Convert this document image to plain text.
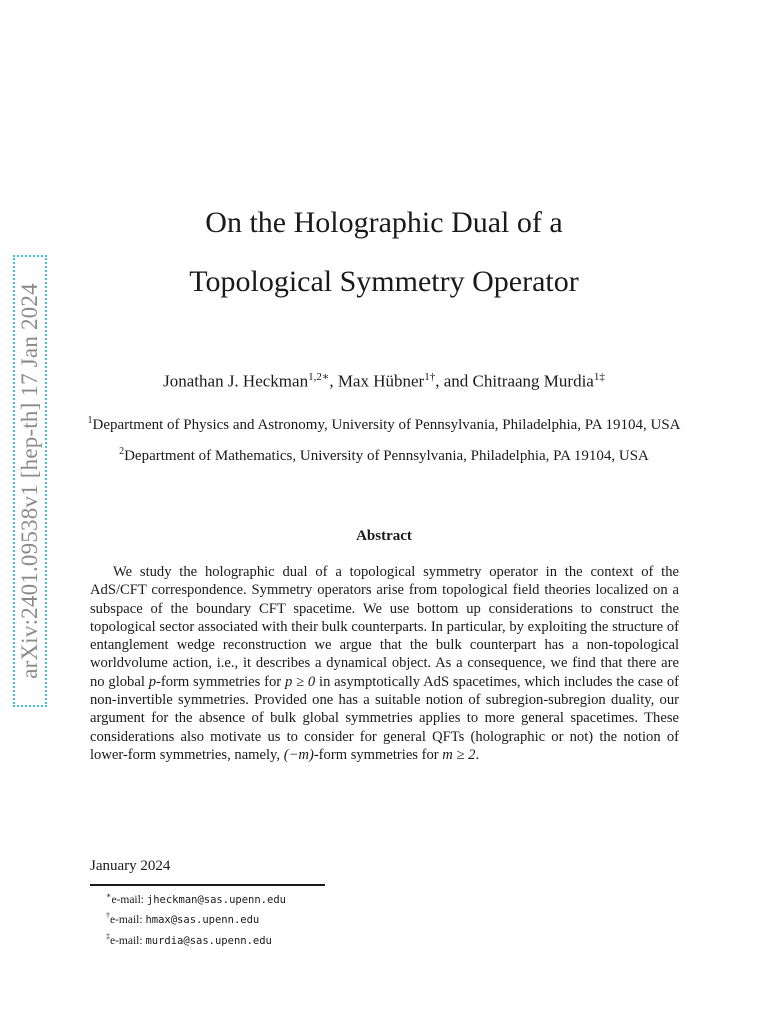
arXiv:2401.09538v1 [hep-th] 17 Jan 2024
On the Holographic Dual of a
Topological Symmetry Operator
Jonathan J. Heckman$^{1,2∗}$, Max Hübner$^{1\dagger}$, and Chitraang Murdia$^{1\ddagger}$
$^1$Department of Physics and Astronomy, University of Pennsylvania, Philadelphia, PA 19104, USA
$^2$Department of Mathematics, University of Pennsylvania, Philadelphia, PA 19104, USA
Abstract

We study the holographic dual of a topological symmetry operator in the context of the AdS/CFT correspondence. Symmetry operators arise from topological field theories localized on a subspace of the boundary CFT spacetime. We use bottom up considerations to construct the topological sector associated with their bulk counterparts. In particular, by exploiting the structure of entanglement wedge reconstruction we argue that the bulk counterpart has a non-topological worldvolume action, i.e., it describes a dynamical object. As a consequence, we find that there are no global p-form symmetries for p ≥ 0 in asymptotically AdS spacetimes, which includes the case of non-invertible symmetries. Provided one has a suitable notion of subregion-subregion duality, our argument for the absence of bulk global symmetries applies to more general spacetimes. These considerations also motivate us to consider for general QFTs (holographic or not) the notion of lower-form symmetries, namely, (−m)-form symmetries for m ≥ 2.

January 2024
∗e-mail: jheckman@sas.upenn.edu
†e-mail: hmax@sas.upenn.edu
‡e-mail: murdia@sas.upenn.edu
